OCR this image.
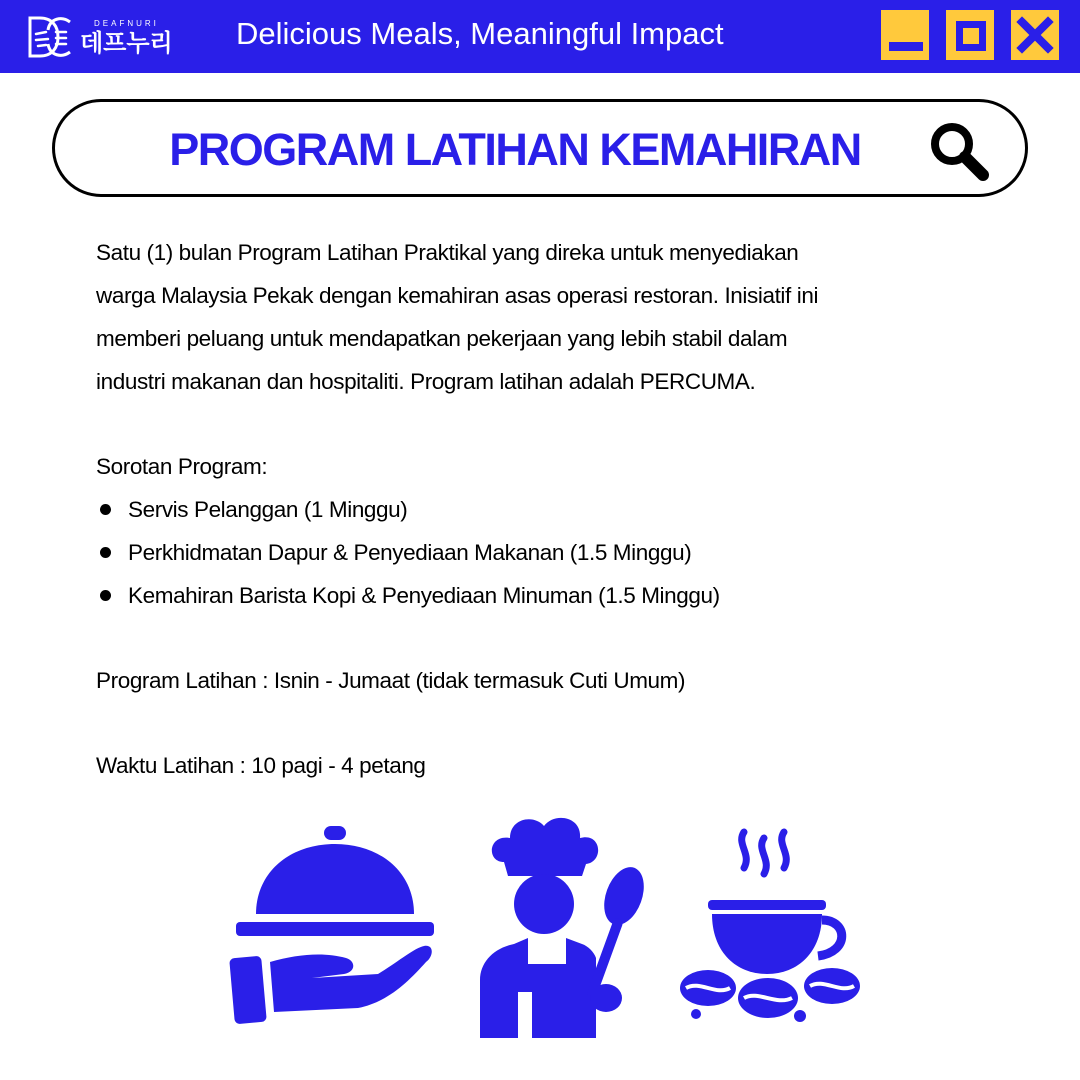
DEAFNURI
데프누리 Delicious Meals, Meaningful Impact
PROGRAM LATIHAN KEMAHIRAN
Satu (1) bulan Program Latihan Praktikal yang direka untuk menyediakan
warga Malaysia Pekak dengan kemahiran asas operasi restoran. Inisiatif ini
memberi peluang untuk mendapatkan pekerjaan yang lebih stabil dalam
industri makanan dan hospitaliti. Program latihan adalah PERCUMA.
Sorotan Program:
Servis Pelanggan (1 Minggu)
Perkhidmatan Dapur & Penyediaan Makanan (1.5 Minggu)
Kemahiran Barista Kopi & Penyediaan Minuman (1.5 Minggu)
Program Latihan : Isnin - Jumaat (tidak termasuk Cuti Umum)
Waktu Latihan : 10 pagi - 4 petang
